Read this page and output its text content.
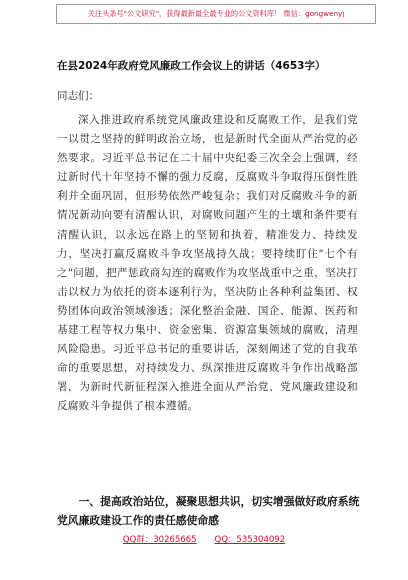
关注头条号"公文研究"，获得最新最全最专业的公文资料库！ 微信：gongwenyj
在县2024年政府党风廉政工作会议上的讲话（4653字）
同志们：

深入推进政府系统党风廉政建设和反腐败工作，是我们党一以贯之坚持的鲜明政治立场，也是新时代全面从严治党的必然要求。习近平总书记在二十届中央纪委三次全会上强调，经过新时代十年坚持不懈的强力反腐，反腐败斗争取得压倒性胜利并全面巩固，但形势依然严峻复杂；我们对反腐败斗争的新情况新动向要有清醒认识，对腐败问题产生的土壤和条件要有清醒认识，以永远在路上的坚韧和执着，精准发力、持续发力，坚决打赢反腐败斗争攻坚战持久战；要持续盯住"七个有之"问题，把严惩政商勾连的腐败作为攻坚战重中之重，坚决打击以权力为依托的资本逐利行为，坚决防止各种利益集团、权势团体向政治领域渗透；深化整治金融、国企、能源、医药和基建工程等权力集中、资金密集、资源富集领域的腐败，清理风险隐患。习近平总书记的重要讲话，深刻阐述了党的自我革命的重要思想，对持续发力、纵深推进反腐败斗争作出战略部署，为新时代新征程深入推进全面从严治党、党风廉政建设和反腐败斗争提供了根本遵循。

一、提高政治站位，凝聚思想共识，切实增强做好政府系统党风廉政建设工作的责任感使命感
QQ群：30265665 QQ：535304092
